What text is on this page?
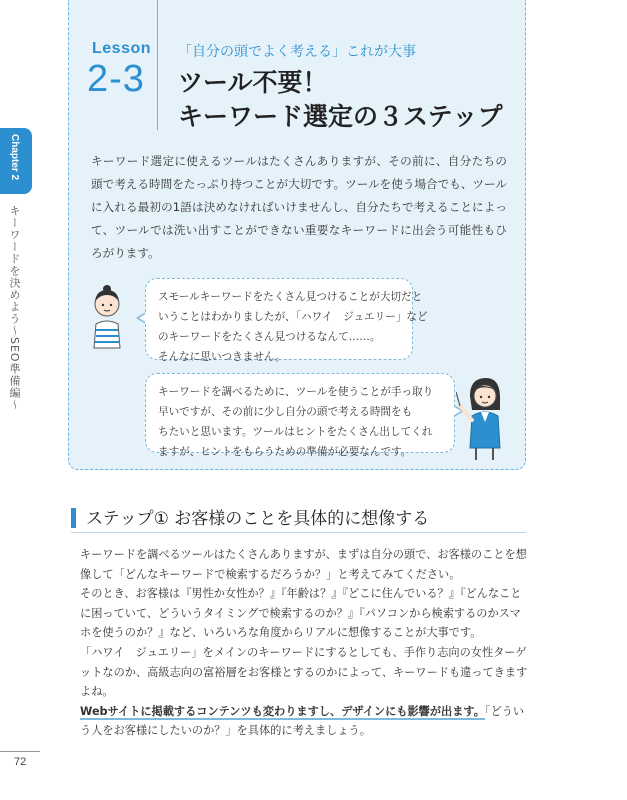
Lesson
2-3
「自分の頭でよく考える」これが大事
ツール不要！
キーワード選定の３ステップ
キーワード選定に使えるツールはたくさんありますが、その前に、自分たちの頭で考える時間をたっぷり持つことが大切です。ツールを使う場合でも、ツールに入れる最初の1語は決めなければいけませんし、自分たちで考えることによって、ツールでは洗い出すことができない重要なキーワードに出会う可能性もひろがります。
スモールキーワードをたくさん見つけることが大切だと
いうことはわかりましたが、「ハワイ　ジュエリー」など
のキーワードをたくさん見つけるなんて……。
そんなに思いつきません。
キーワードを調べるために、ツールを使うことが手っ取り
早いですが、その前に少し自分の頭で考える時間をも
ちたいと思います。ツールはヒントをたくさん出してくれ
ますが、ヒントをもらうための準備が必要なんです。
Chapter 2
キーワードを決めよう～SEO準備編～
ステップ① お客様のことを具体的に想像する

キーワードを調べるツールはたくさんありますが、まずは自分の頭で、お客様のことを想像して「どんなキーワードで検索するだろうか？」と考えてみてください。

そのとき、お客様は『男性か女性か？』『年齢は？』『どこに住んでいる？』『どんなことに困っていて、どういうタイミングで検索するのか？』『パソコンから検索するのかスマホを使うのか？』など、いろいろな角度からリアルに想像することが大事です。

「ハワイ　ジュエリー」をメインのキーワードにするとしても、手作り志向の女性ターゲットなのか、高級志向の富裕層をお客様とするのかによって、キーワードも違ってきますよね。

Webサイトに掲載するコンテンツも変わりますし、デザインにも影響が出ます。「どういう人をお客様にしたいのか？」を具体的に考えましょう。

72
